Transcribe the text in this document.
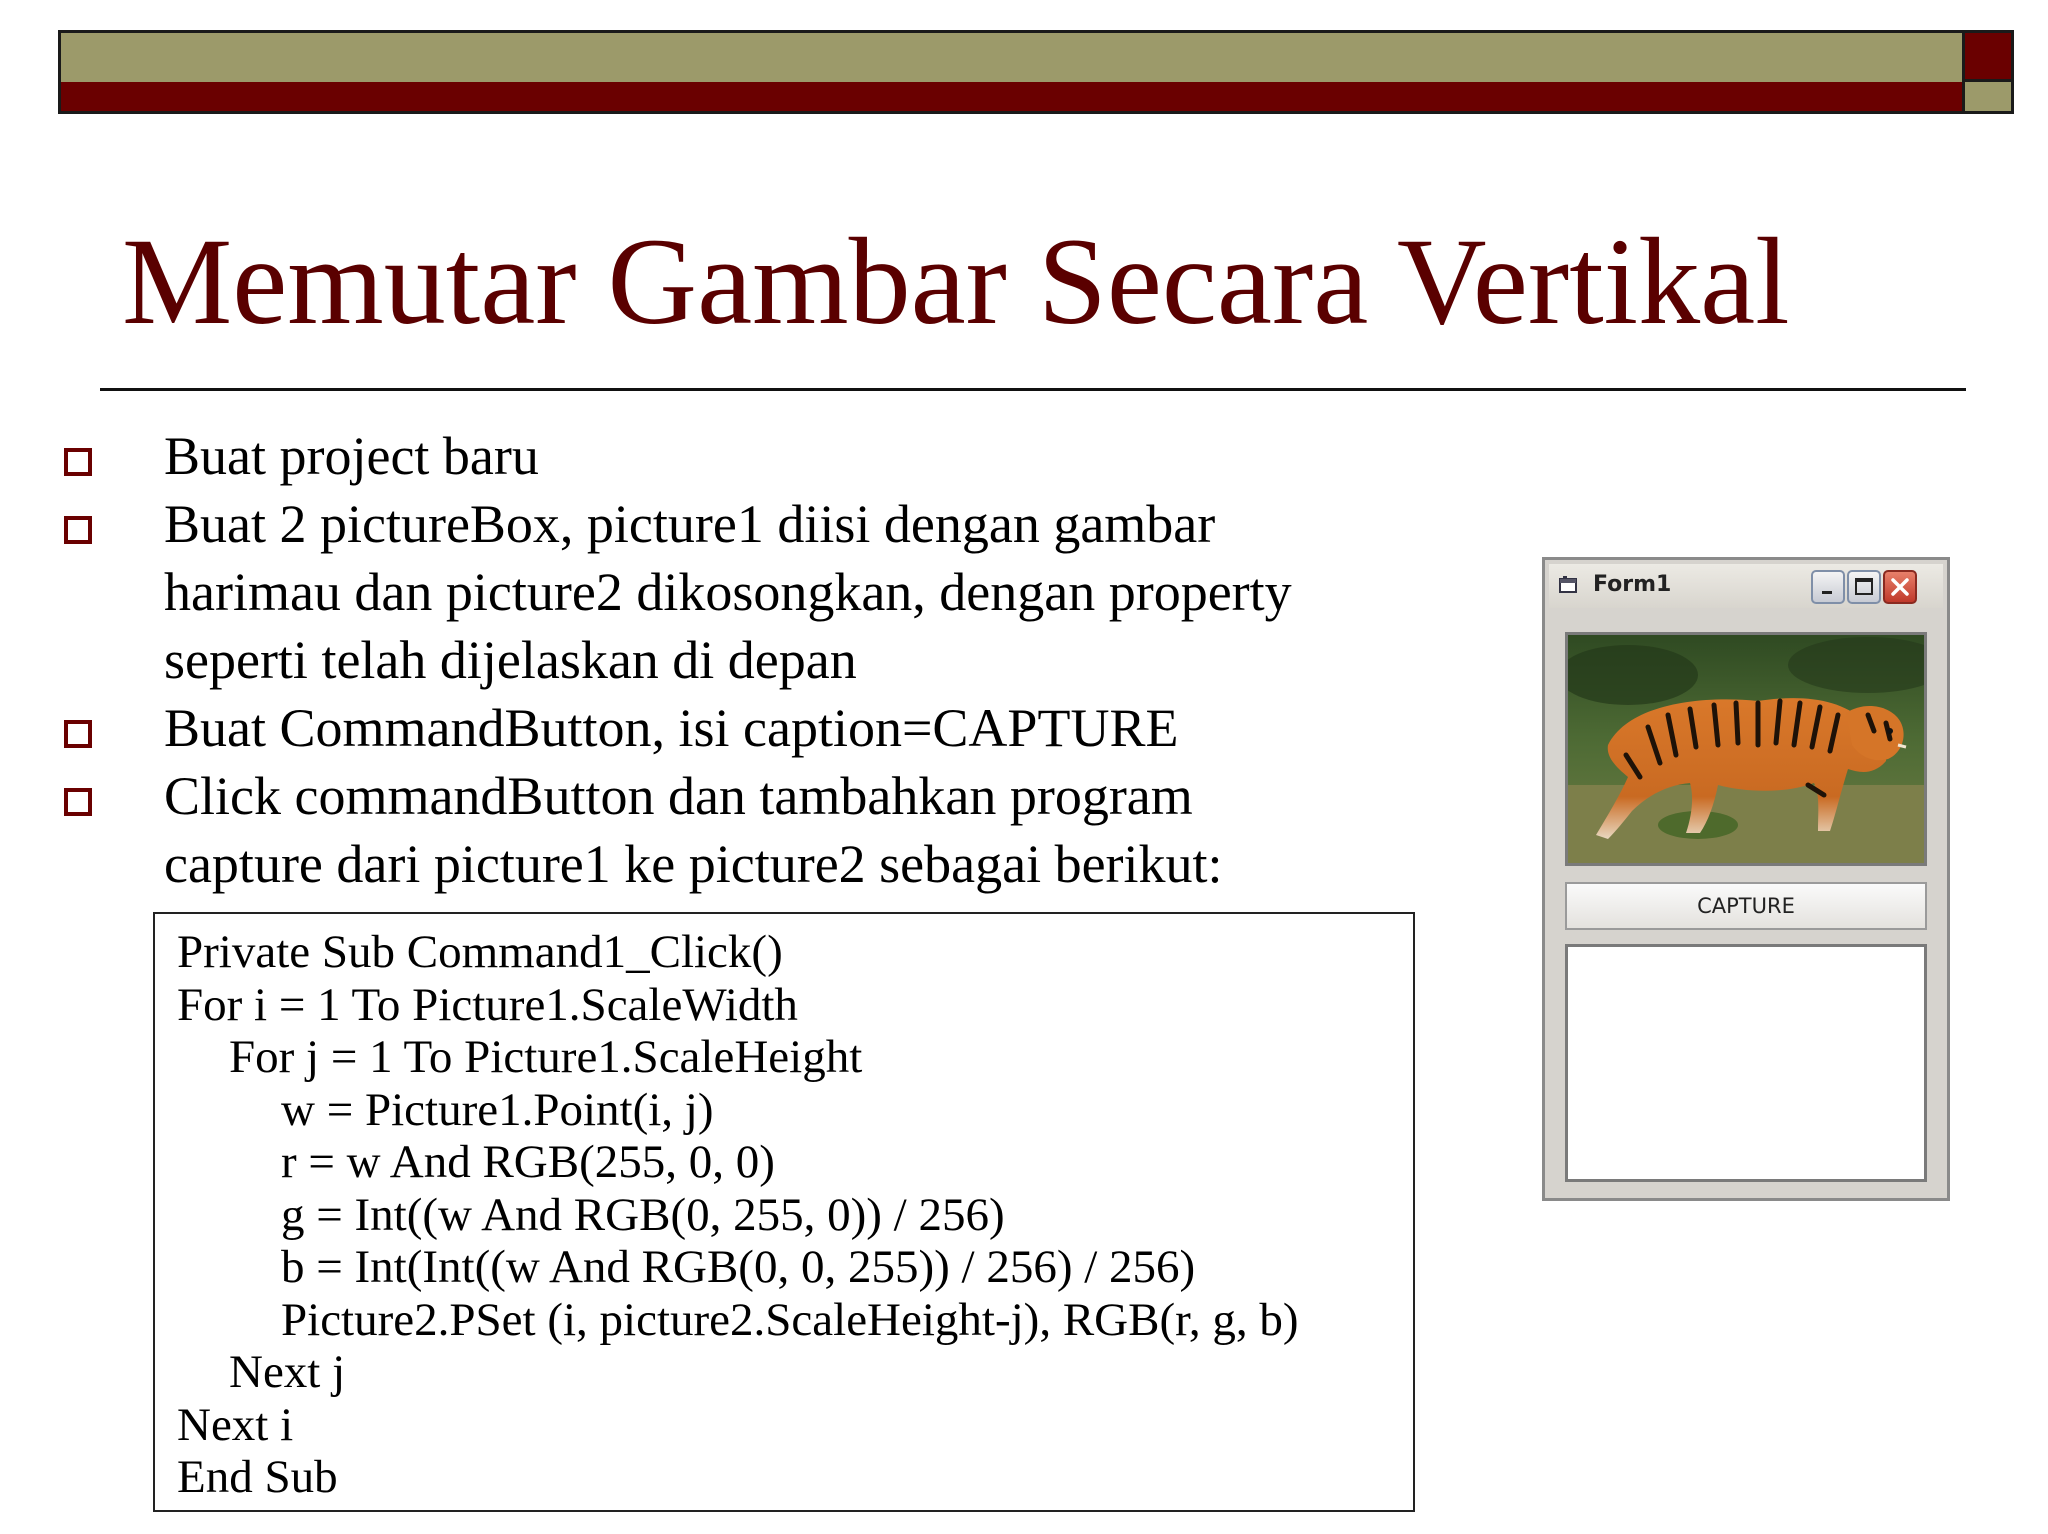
Memutar Gambar Secara Vertikal
Buat project baru
Buat 2 pictureBox, picture1 diisi dengan gambar
harimau dan picture2 dikosongkan, dengan property
seperti telah dijelaskan di depan
Buat CommandButton, isi caption=CAPTURE
Click commandButton dan tambahkan program
capture dari picture1 ke picture2 sebagai berikut:
Private Sub Command1_Click()
For i = 1 To Picture1.ScaleWidth
For j = 1 To Picture1.ScaleHeight
w = Picture1.Point(i, j)
r = w And RGB(255, 0, 0)
g = Int((w And RGB(0, 255, 0)) / 256)
b = Int(Int((w And RGB(0, 0, 255)) / 256) / 256)
Picture2.PSet (i, picture2.ScaleHeight-j), RGB(r, g, b)
Next j
Next i
End Sub
Form1
CAPTURE
